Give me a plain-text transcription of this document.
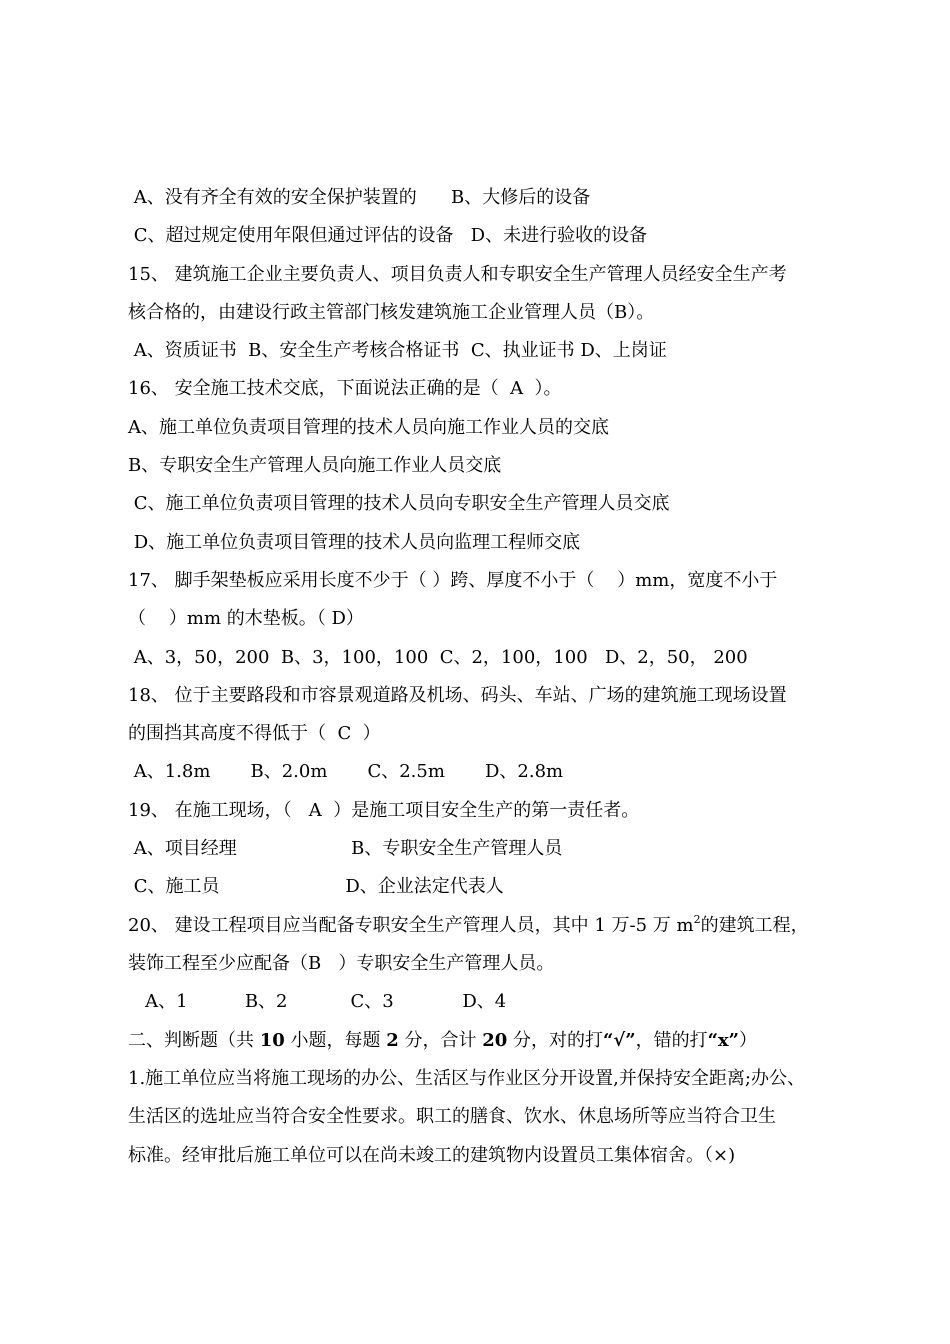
A、没有齐全有效的安全保护装置的      B、大修后的设备
C、超过规定使用年限但通过评估的设备   D、未进行验收的设备
15、 建筑施工企业主要负责人、项目负责人和专职安全生产管理人员经安全生产考
核合格的，由建设行政主管部门核发建筑施工企业管理人员（B）。
A、资质证书  B、安全生产考核合格证书  C、执业证书 D、上岗证
16、 安全施工技术交底，下面说法正确的是（  A  ）。
A、施工单位负责项目管理的技术人员向施工作业人员的交底
B、专职安全生产管理人员向施工作业人员交底
C、施工单位负责项目管理的技术人员向专职安全生产管理人员交底
D、施工单位负责项目管理的技术人员向监理工程师交底
17、 脚手架垫板应采用长度不少于（ ）跨、厚度不小于（    ）mm，宽度不小于
（    ）mm 的木垫板。（ D）
A、3，50，200  B、3，100，100  C、2，100，100   D、2，50， 200
18、 位于主要路段和市容景观道路及机场、码头、车站、广场的建筑施工现场设置
的围挡其高度不得低于（  C  ）
A、1.8m       B、2.0m       C、2.5m       D、2.8m
19、 在施工现场，（   A  ）是施工项目安全生产的第一责任者。
A、项目经理                    B、专职安全生产管理人员
C、施工员                      D、企业法定代表人
20、 建设工程项目应当配备专职安全生产管理人员，其中 1 万-5 万 $m^2$的建筑工程，
装饰工程至少应配备（B   ）专职安全生产管理人员。
A、1          B、2           C、3            D、4
二、判断题（共 10 小题，每题 2 分，合计 20 分，对的打“√”，错的打“x”）
1.施工单位应当将施工现场的办公、生活区与作业区分开设置,并保持安全距离;办公、
生活区的选址应当符合安全性要求。职工的膳食、饮水、休息场所等应当符合卫生
标准。经审批后施工单位可以在尚未竣工的建筑物内设置员工集体宿舍。（×)
